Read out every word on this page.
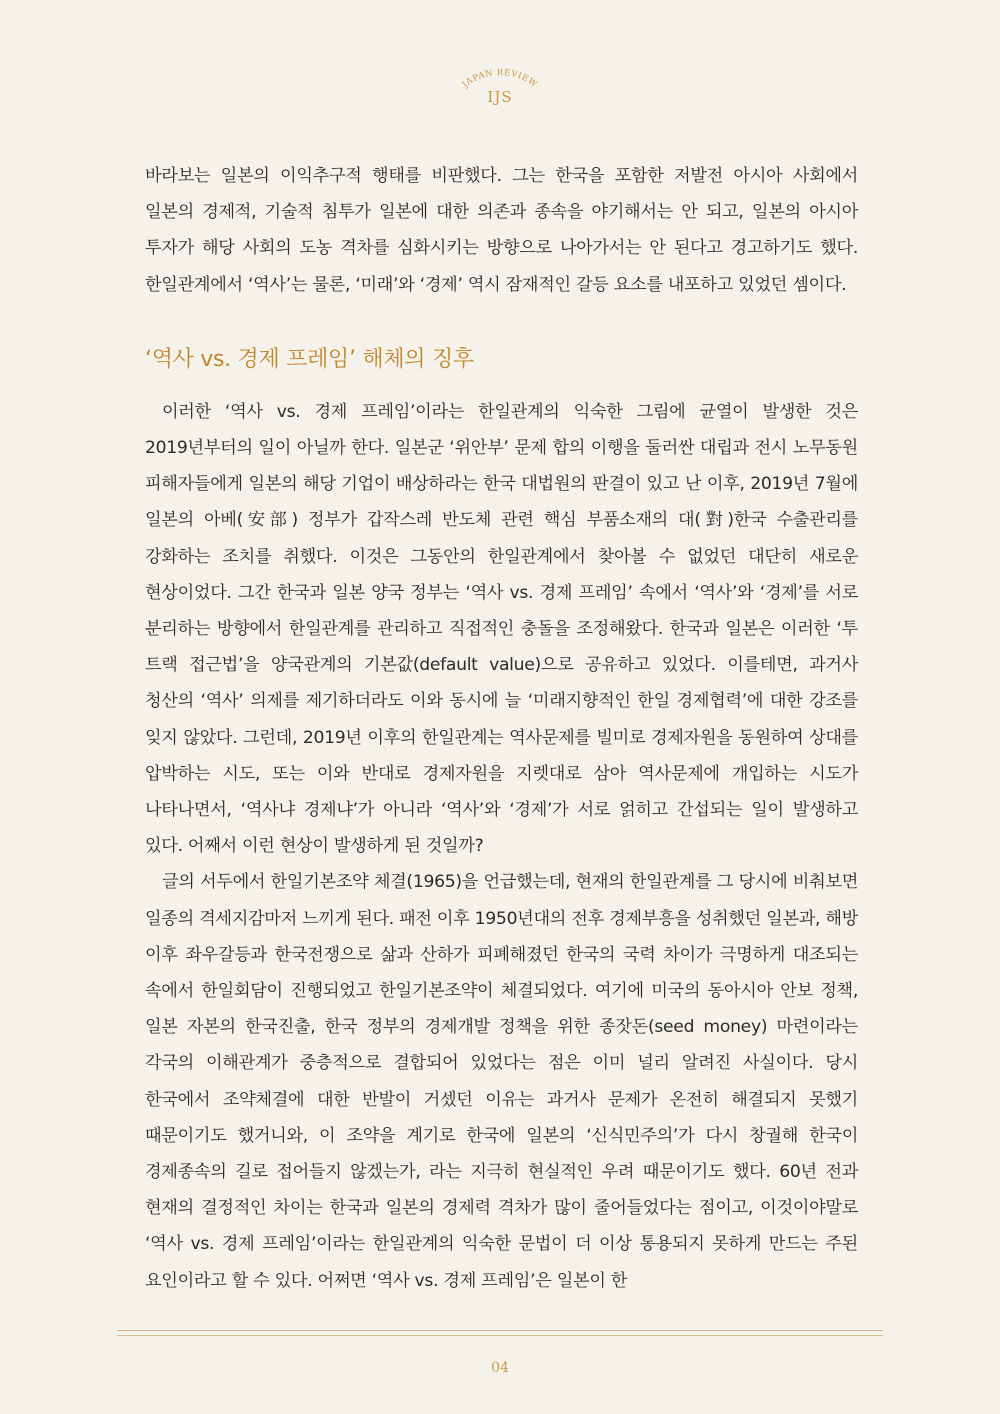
JAPAN REVIEW
IJS

바라보는 일본의 이익추구적 행태를 비판했다. 그는 한국을 포함한 저발전 아시아 사회에서 일본의 경제적, 기술적 침투가 일본에 대한 의존과 종속을 야기해서는 안 되고, 일본의 아시아 투자가 해당 사회의 도농 격차를 심화시키는 방향으로 나아가서는 안 된다고 경고하기도 했다. 한일관계에서 ‘역사’는 물론, ‘미래’와 ‘경제’ 역시 잠재적인 갈등 요소를 내포하고 있었던 셈이다.

‘역사 vs. 경제 프레임’ 해체의 징후

이러한 ‘역사 vs. 경제 프레임’이라는 한일관계의 익숙한 그림에 균열이 발생한 것은 2019년부터의 일이 아닐까 한다. 일본군 ‘위안부’ 문제 합의 이행을 둘러싼 대립과 전시 노무동원 피해자들에게 일본의 해당 기업이 배상하라는 한국 대법원의 판결이 있고 난 이후, 2019년 7월에 일본의 아베(安部) 정부가 갑작스레 반도체 관련 핵심 부품소재의 대(對)한국 수출관리를 강화하는 조치를 취했다. 이것은 그동안의 한일관계에서 찾아볼 수 없었던 대단히 새로운 현상이었다. 그간 한국과 일본 양국 정부는 ‘역사 vs. 경제 프레임’ 속에서 ‘역사’와 ‘경제’를 서로 분리하는 방향에서 한일관계를 관리하고 직접적인 충돌을 조정해왔다. 한국과 일본은 이러한 ‘투 트랙 접근법’을 양국관계의 기본값(default value)으로 공유하고 있었다. 이를테면, 과거사 청산의 ‘역사’ 의제를 제기하더라도 이와 동시에 늘 ‘미래지향적인 한일 경제협력’에 대한 강조를 잊지 않았다. 그런데, 2019년 이후의 한일관계는 역사문제를 빌미로 경제자원을 동원하여 상대를 압박하는 시도, 또는 이와 반대로 경제자원을 지렛대로 삼아 역사문제에 개입하는 시도가 나타나면서, ‘역사냐 경제냐’가 아니라 ‘역사’와 ‘경제’가 서로 얽히고 간섭되는 일이 발생하고 있다. 어째서 이런 현상이 발생하게 된 것일까?

글의 서두에서 한일기본조약 체결(1965)을 언급했는데, 현재의 한일관계를 그 당시에 비춰보면 일종의 격세지감마저 느끼게 된다. 패전 이후 1950년대의 전후 경제부흥을 성취했던 일본과, 해방 이후 좌우갈등과 한국전쟁으로 삶과 산하가 피폐해졌던 한국의 국력 차이가 극명하게 대조되는 속에서 한일회담이 진행되었고 한일기본조약이 체결되었다. 여기에 미국의 동아시아 안보 정책, 일본 자본의 한국진출, 한국 정부의 경제개발 정책을 위한 종잣돈(seed money) 마련이라는 각국의 이해관계가 중층적으로 결합되어 있었다는 점은 이미 널리 알려진 사실이다. 당시 한국에서 조약체결에 대한 반발이 거셌던 이유는 과거사 문제가 온전히 해결되지 못했기 때문이기도 했거니와, 이 조약을 계기로 한국에 일본의 ‘신식민주의’가 다시 창궐해 한국이 경제종속의 길로 접어들지 않겠는가, 라는 지극히 현실적인 우려 때문이기도 했다. 60년 전과 현재의 결정적인 차이는 한국과 일본의 경제력 격차가 많이 줄어들었다는 점이고, 이것이야말로 ‘역사 vs. 경제 프레임’이라는 한일관계의 익숙한 문법이 더 이상 통용되지 못하게 만드는 주된 요인이라고 할 수 있다. 어쩌면 ‘역사 vs. 경제 프레임’은 일본이 한

04
